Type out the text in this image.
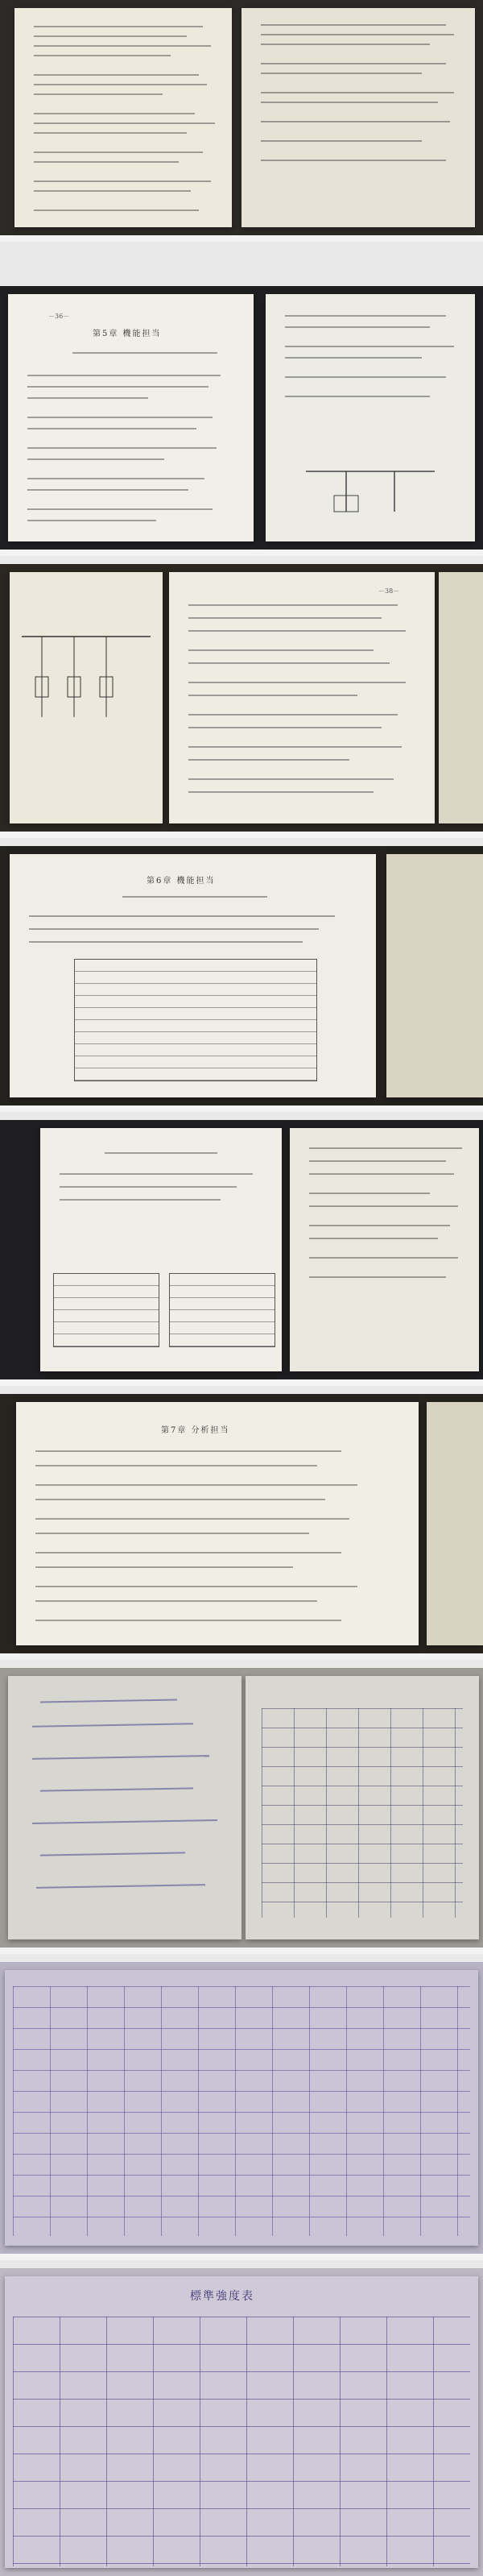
－36－
第5章 機能担当
－38－
第6章 機能担当
第7章 分析担当
標準強度表
